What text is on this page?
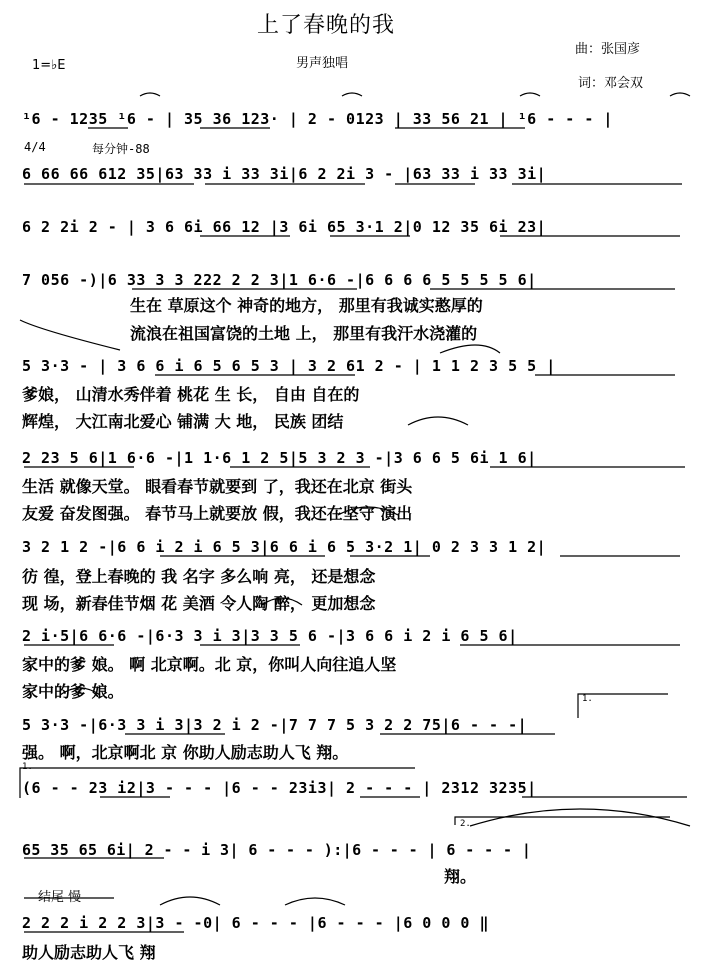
上了春晚的我
男声独唱
1=♭E
曲：张国彦
词：邓会双
¹6 - 1235 ¹6 - | 35 36 123· | 2 - 0123 | 33 56 21 | ¹6 - - - |
4/4	每分钟-88
6 66 66 612 35|63 33 i 33 3i|6 2 2i 3 - |63 33 i 33 3i|
6 2 2i 2 - | 3 6 6i 66 12 |3 6i 65 3·1 2|0 12 35 6i 23|
7 056 -)|6 33 3 3 222 2 2 3|1 6·6 -|6 6 6 6 5 5 5 5 6|
生在 草原这个 神奇的地方， 那里有我诚实憨厚的
流浪在祖国富饶的土地 上， 那里有我汗水浇灌的
5 3·3 - | 3 6 6 i 6 5 6 5 3 | 3 2 61 2 - | 1 1 2 3 5 5 |
爹娘， 山清水秀伴着 桃花 生 长， 自由 自在的
辉煌， 大江南北爱心 铺满 大 地， 民族 团结
2 23 5 6|1 6·6 -|1 1·6 1 2 5|5 3 2 3 -|3 6 6 5 6i 1 6|
生活 就像天堂。 眼看春节就要到 了，我还在北京 街头
友爱 奋发图强。 春节马上就要放 假，我还在坚守 演出
3 2 1 2 -|6 6 i 2 i 6 5 3|6 6 i 6 5 3·2 1| 0 2 3 3 1 2|
彷 徨，登上春晚的 我 名字 多么响 亮， 还是想念
现 场，新春佳节烟 花 美酒 令人陶 醉， 更加想念
2 i·5|6 6·6 -|6·3 3 i 3|3 3 5 6 -|3 6 6 i 2 i 6 5 6|
家中的爹 娘。 啊 北京啊。北 京，你叫人向往追人坚
家中的爹 娘。
5 3·3 -|6·3 3 i 3|3 2 i 2 -|7 7 7 5 3 2 2 75|6 - - -|
强。 啊，北京啊北 京 你助人励志助人飞 翔。
1.
1.
(6 - - 23 i2|3 - - - |6 - - 23i3| 2 - - - | 2312 3235|
65 35 65 6i| 2 - - i 3| 6 - - - ):|6 - - - | 6 - - - |
2.
翔。
结尾 慢
2 2 2 i 2 2 3|3 - -0| 6 - - - |6 - - - |6 0 0 0 ‖
助人励志助人飞 翔
